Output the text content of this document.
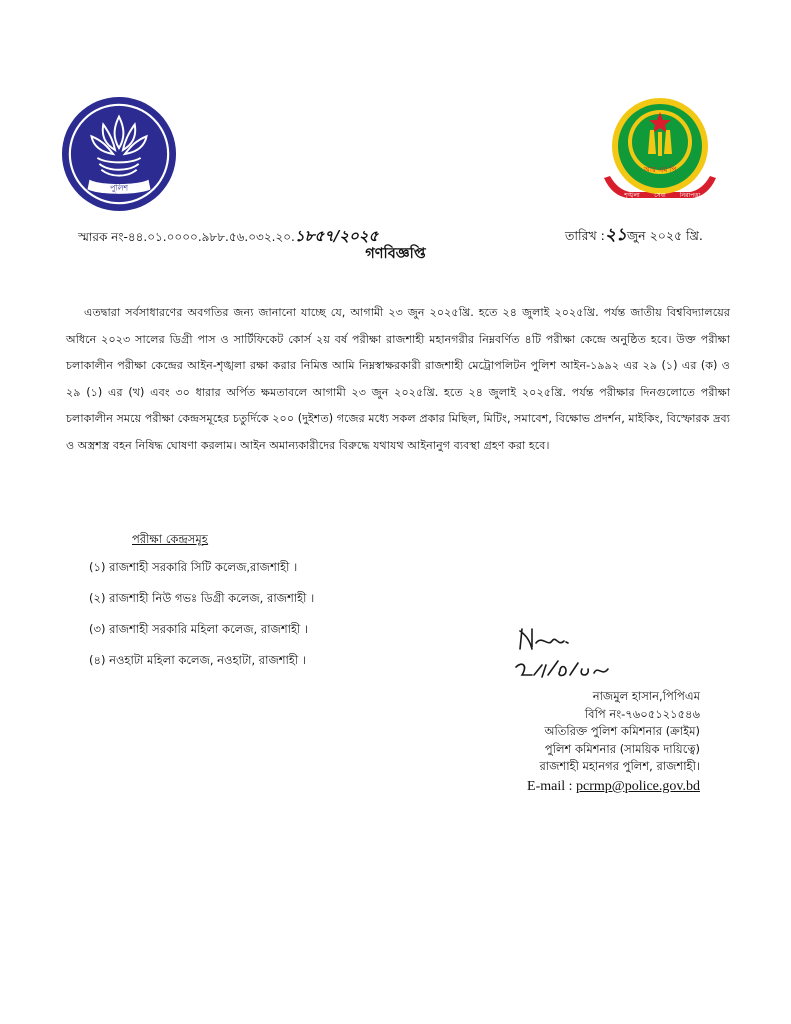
পুলিশ
আর এম পি
শৃঙ্খলা সেবা নিরাপত্তা
স্মারক নং-৪৪.০১.০০০০.৯৮৮.৫৬.০৩২.২০.১৮৫৭/২০২৫	তারিখ :২১জুন ২০২৫ খ্রি.
গণবিজ্ঞপ্তি
এতদ্বারা সর্বসাধারণের অবগতির জন্য জানানো যাচ্ছে যে, আগামী ২৩ জুন ২০২৫খ্রি. হতে ২৪ জুলাই ২০২৫খ্রি. পর্যন্ত জাতীয় বিশ্ববিদ্যালয়ের অধিনে ২০২৩ সালের ডিগ্রী পাস ও সার্টিফিকেট কোর্স ২য় বর্ষ পরীক্ষা রাজশাহী মহানগরীর নিম্নবর্ণিত ৪টি পরীক্ষা কেন্দ্রে অনুষ্ঠিত হবে। উক্ত পরীক্ষা চলাকালীন পরীক্ষা কেন্দ্রের আইন-শৃঙ্খলা রক্ষা করার নিমিত্ত আমি নিম্নস্বাক্ষরকারী রাজশাহী মেট্রোপলিটন পুলিশ আইন-১৯৯২ এর ২৯ (১) এর (ক) ও ২৯ (১) এর (খ) এবং ৩০ ধারার অর্পিত ক্ষমতাবলে আগামী ২৩ জুন ২০২৫খ্রি. হতে ২৪ জুলাই ২০২৫খ্রি. পর্যন্ত পরীক্ষার দিনগুলোতে পরীক্ষা চলাকালীন সময়ে পরীক্ষা কেন্দ্রসমূহের চতুর্দিকে ২০০ (দুইশত) গজের মধ্যে সকল প্রকার মিছিল, মিটিং, সমাবেশ, বিক্ষোভ প্রদর্শন, মাইকিং, বিস্ফোরক দ্রব্য ও অস্ত্রশস্ত্র বহন নিষিদ্ধ ঘোষণা করলাম। আইন অমান্যকারীদের বিরুদ্ধে যথাযথ আইনানুগ ব্যবস্থা গ্রহণ করা হবে।
পরীক্ষা কেন্দ্রসমূহ
(১) রাজশাহী সরকারি সিটি কলেজ,রাজশাহী ।
(২) রাজশাহী নিউ গভঃ ডিগ্রী কলেজ, রাজশাহী ।
(৩) রাজশাহী সরকারি মহিলা কলেজ, রাজশাহী ।
(৪) নওহাটা মহিলা কলেজ, নওহাটা, রাজশাহী ।
নাজমুল হাসান,পিপিএম
বিপি নং-৭৬০৫১২১৫৪৬
অতিরিক্ত পুলিশ কমিশনার (ক্রাইম)
পুলিশ কমিশনার (সাময়িক দায়িত্বে)
রাজশাহী মহানগর পুলিশ, রাজশাহী।
E-mail : pcrmp@police.gov.bd
